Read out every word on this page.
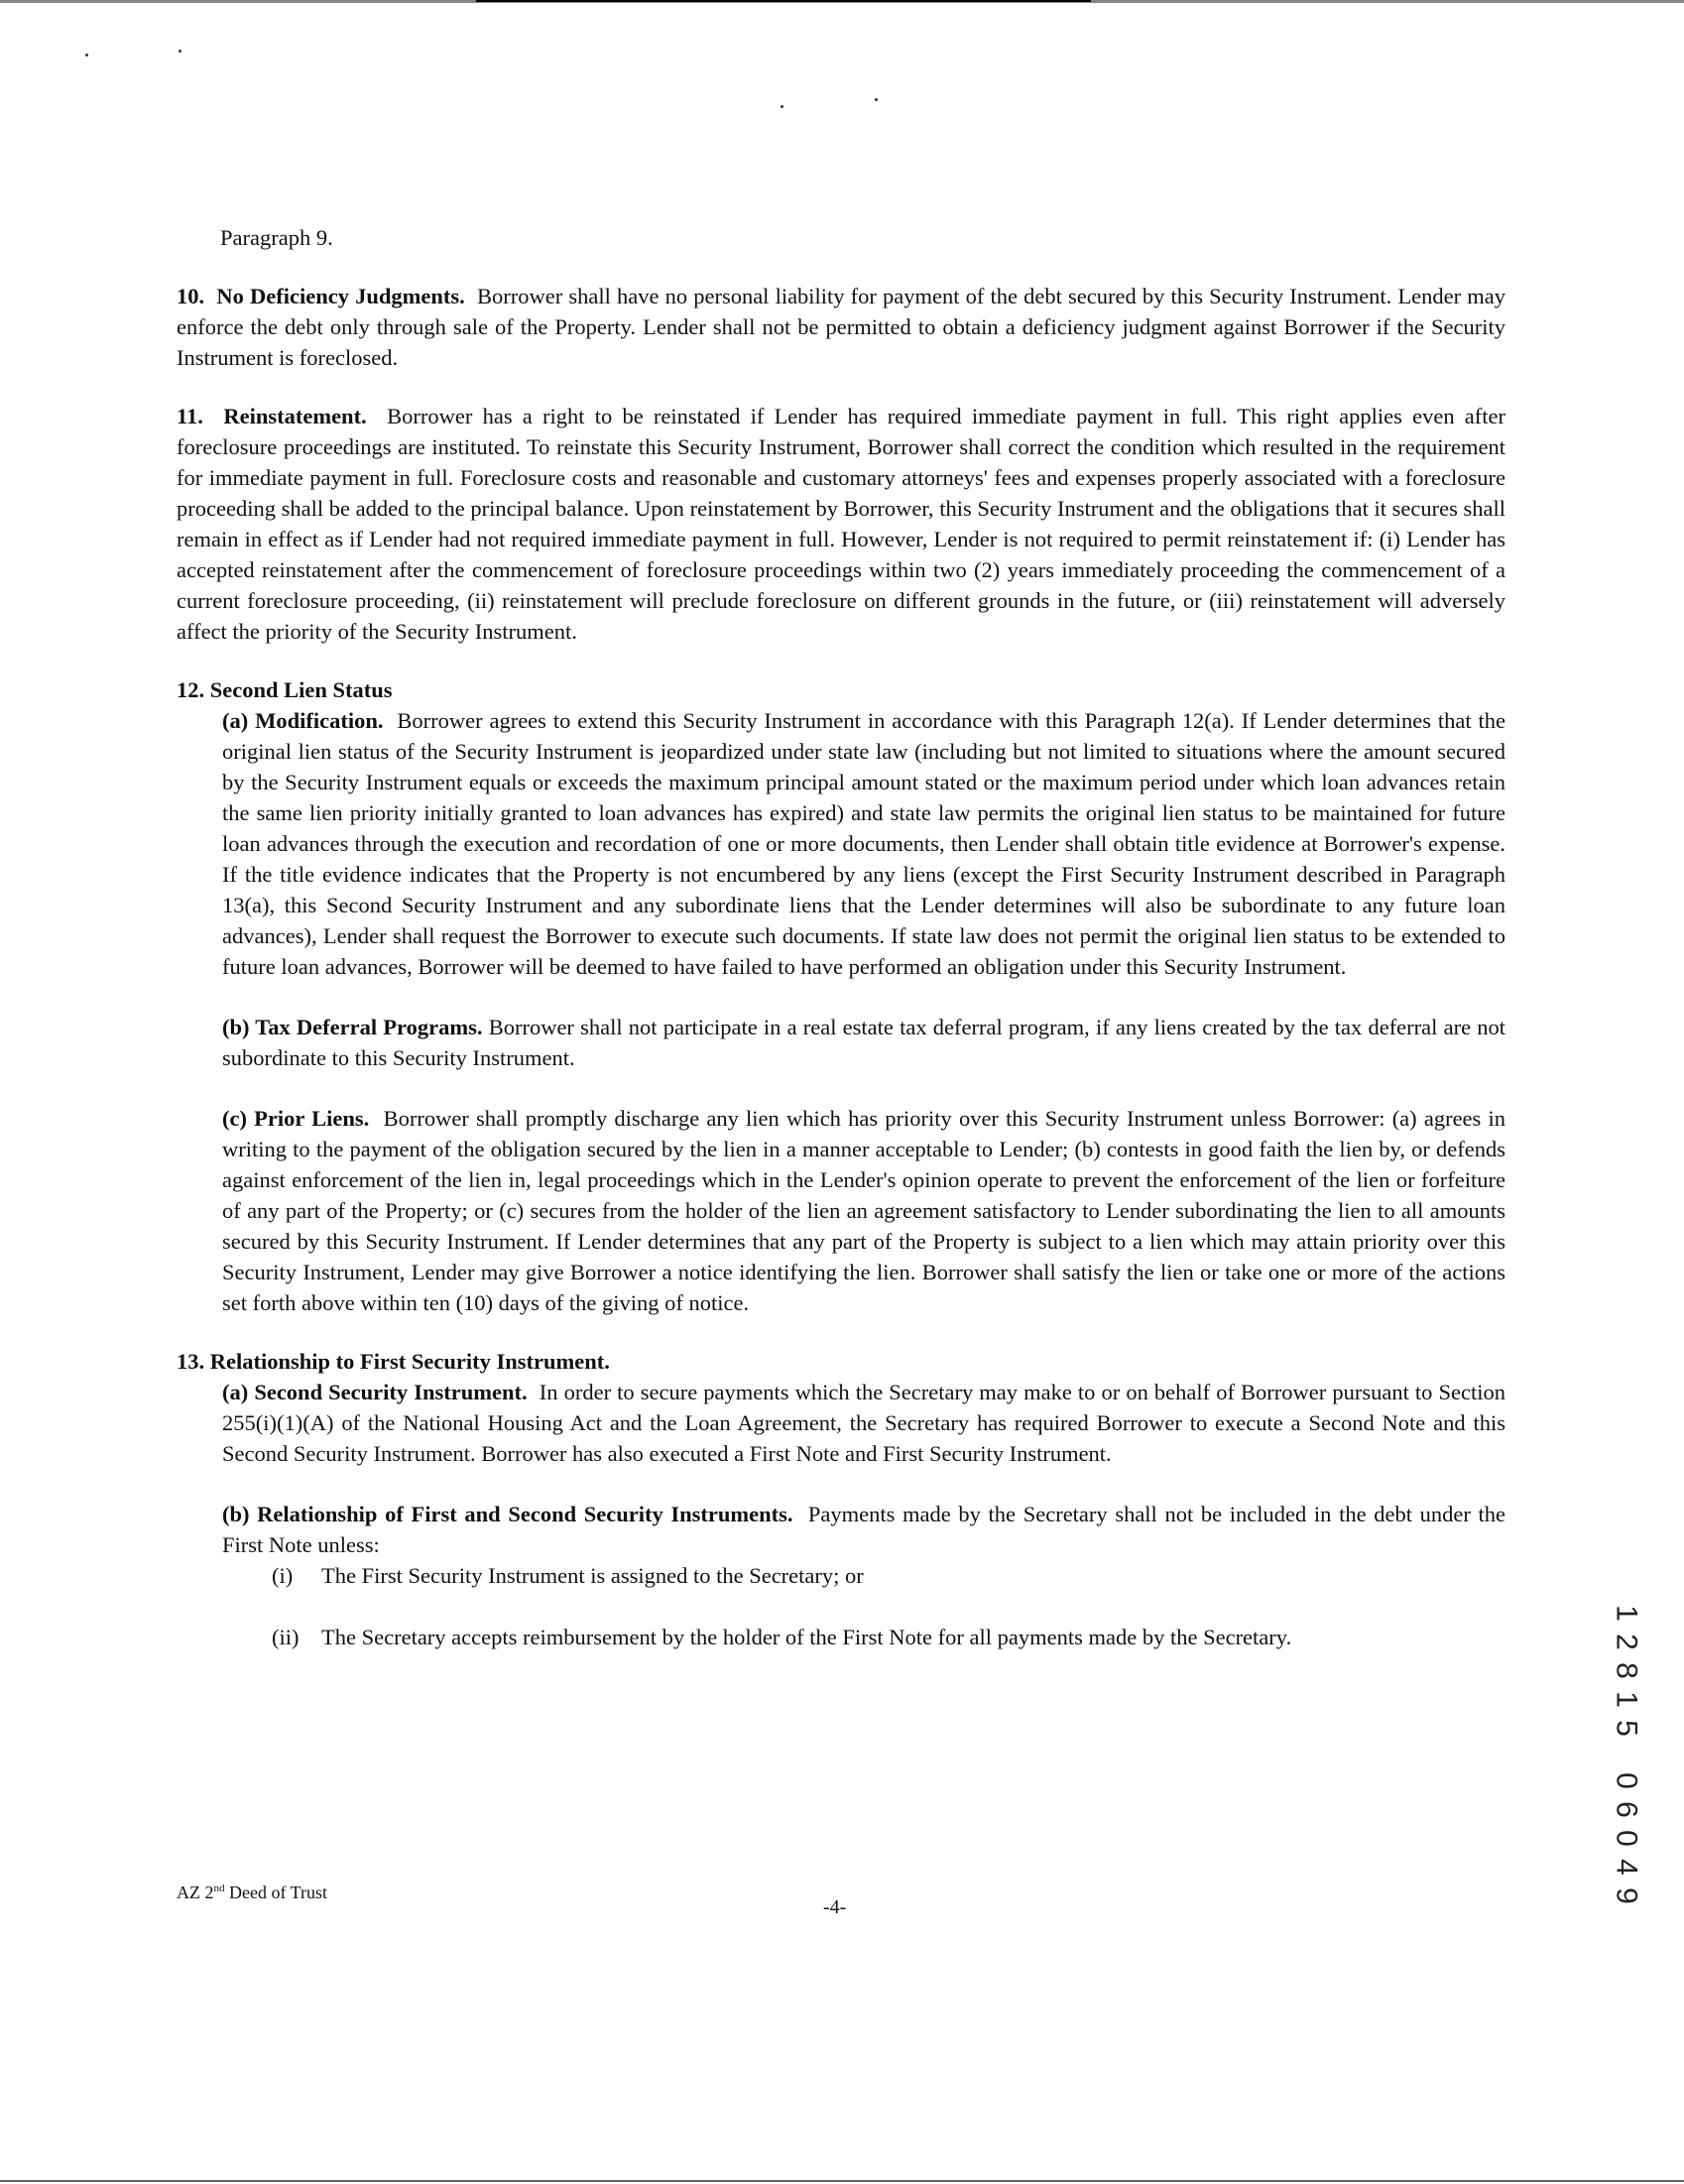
Paragraph 9.

10. No Deficiency Judgments. Borrower shall have no personal liability for payment of the debt secured by this Security Instrument. Lender may enforce the debt only through sale of the Property. Lender shall not be permitted to obtain a deficiency judgment against Borrower if the Security Instrument is foreclosed.

11. Reinstatement. Borrower has a right to be reinstated if Lender has required immediate payment in full. This right applies even after foreclosure proceedings are instituted. To reinstate this Security Instrument, Borrower shall correct the condition which resulted in the requirement for immediate payment in full. Foreclosure costs and reasonable and customary attorneys' fees and expenses properly associated with a foreclosure proceeding shall be added to the principal balance. Upon reinstatement by Borrower, this Security Instrument and the obligations that it secures shall remain in effect as if Lender had not required immediate payment in full. However, Lender is not required to permit reinstatement if: (i) Lender has accepted reinstatement after the commencement of foreclosure proceedings within two (2) years immediately proceeding the commencement of a current foreclosure proceeding, (ii) reinstatement will preclude foreclosure on different grounds in the future, or (iii) reinstatement will adversely affect the priority of the Security Instrument.

12. Second Lien Status

(a) Modification. Borrower agrees to extend this Security Instrument in accordance with this Paragraph 12(a). If Lender determines that the original lien status of the Security Instrument is jeopardized under state law (including but not limited to situations where the amount secured by the Security Instrument equals or exceeds the maximum principal amount stated or the maximum period under which loan advances retain the same lien priority initially granted to loan advances has expired) and state law permits the original lien status to be maintained for future loan advances through the execution and recordation of one or more documents, then Lender shall obtain title evidence at Borrower's expense. If the title evidence indicates that the Property is not encumbered by any liens (except the First Security Instrument described in Paragraph 13(a), this Second Security Instrument and any subordinate liens that the Lender determines will also be subordinate to any future loan advances), Lender shall request the Borrower to execute such documents. If state law does not permit the original lien status to be extended to future loan advances, Borrower will be deemed to have failed to have performed an obligation under this Security Instrument.

(b) Tax Deferral Programs. Borrower shall not participate in a real estate tax deferral program, if any liens created by the tax deferral are not subordinate to this Security Instrument.

(c) Prior Liens. Borrower shall promptly discharge any lien which has priority over this Security Instrument unless Borrower: (a) agrees in writing to the payment of the obligation secured by the lien in a manner acceptable to Lender; (b) contests in good faith the lien by, or defends against enforcement of the lien in, legal proceedings which in the Lender's opinion operate to prevent the enforcement of the lien or forfeiture of any part of the Property; or (c) secures from the holder of the lien an agreement satisfactory to Lender subordinating the lien to all amounts secured by this Security Instrument. If Lender determines that any part of the Property is subject to a lien which may attain priority over this Security Instrument, Lender may give Borrower a notice identifying the lien. Borrower shall satisfy the lien or take one or more of the actions set forth above within ten (10) days of the giving of notice.

13. Relationship to First Security Instrument.

(a) Second Security Instrument. In order to secure payments which the Secretary may make to or on behalf of Borrower pursuant to Section 255(i)(1)(A) of the National Housing Act and the Loan Agreement, the Secretary has required Borrower to execute a Second Note and this Second Security Instrument. Borrower has also executed a First Note and First Security Instrument.

(b) Relationship of First and Second Security Instruments. Payments made by the Secretary shall not be included in the debt under the First Note unless:

(i)	The First Security Instrument is assigned to the Secretary; or

(ii)	The Secretary accepts reimbursement by the holder of the First Note for all payments made by the Secretary.

AZ 2nd Deed of Trust
-4-
1
2
8
1
5
0
6
0
4
9
